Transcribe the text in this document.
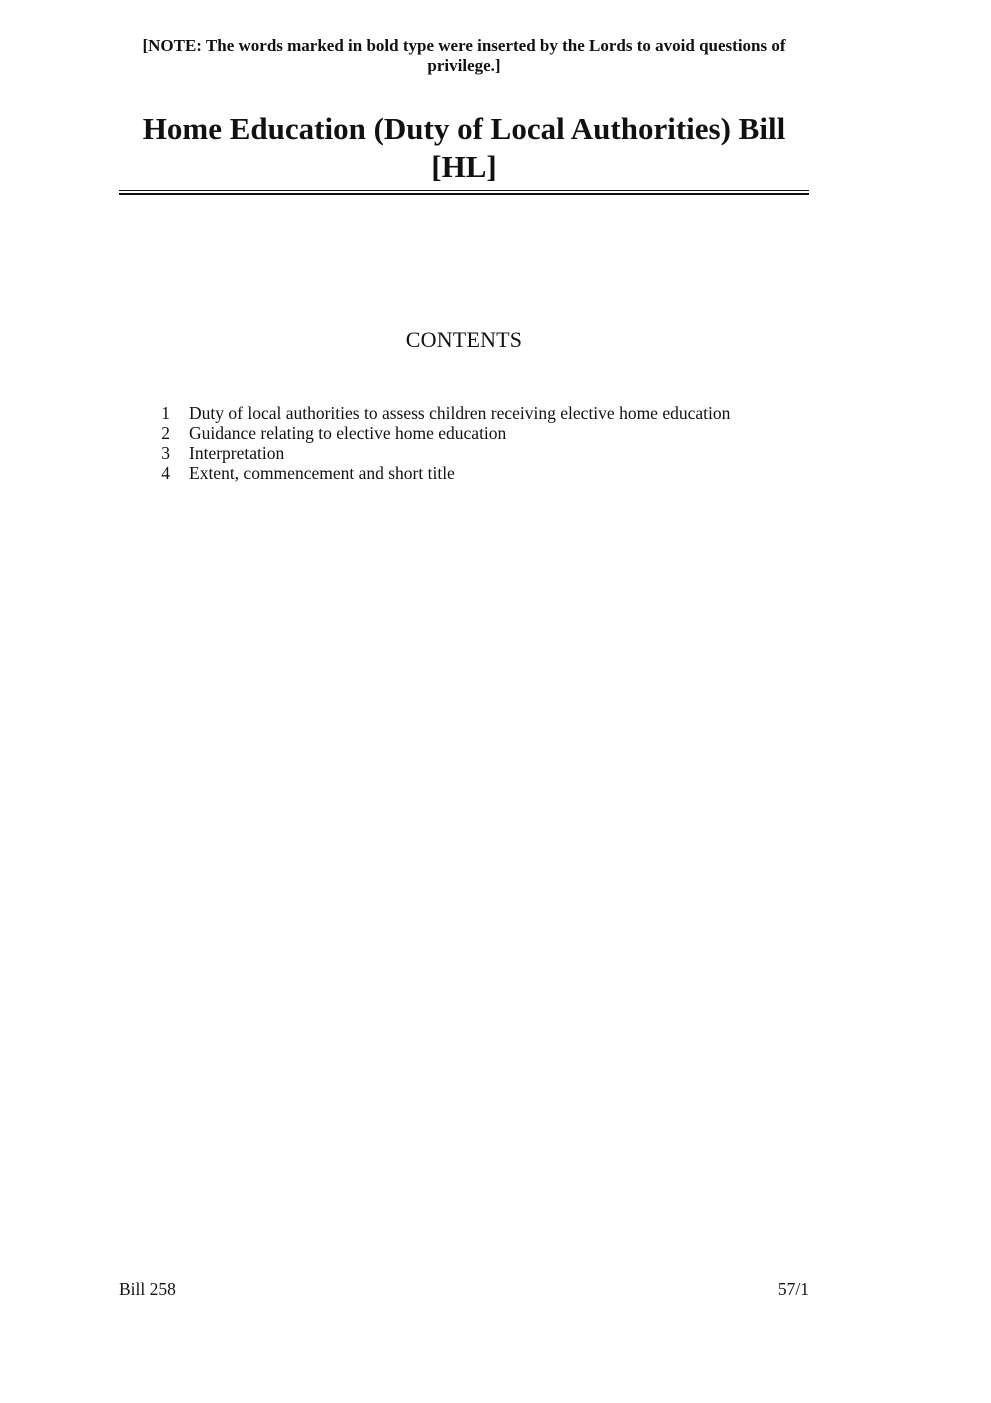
[NOTE: The words marked in bold type were inserted by the Lords to avoid questions of privilege.]
Home Education (Duty of Local Authorities) Bill [HL]
CONTENTS
1 Duty of local authorities to assess children receiving elective home education
2 Guidance relating to elective home education
3 Interpretation
4 Extent, commencement and short title
Bill 258	57/1
